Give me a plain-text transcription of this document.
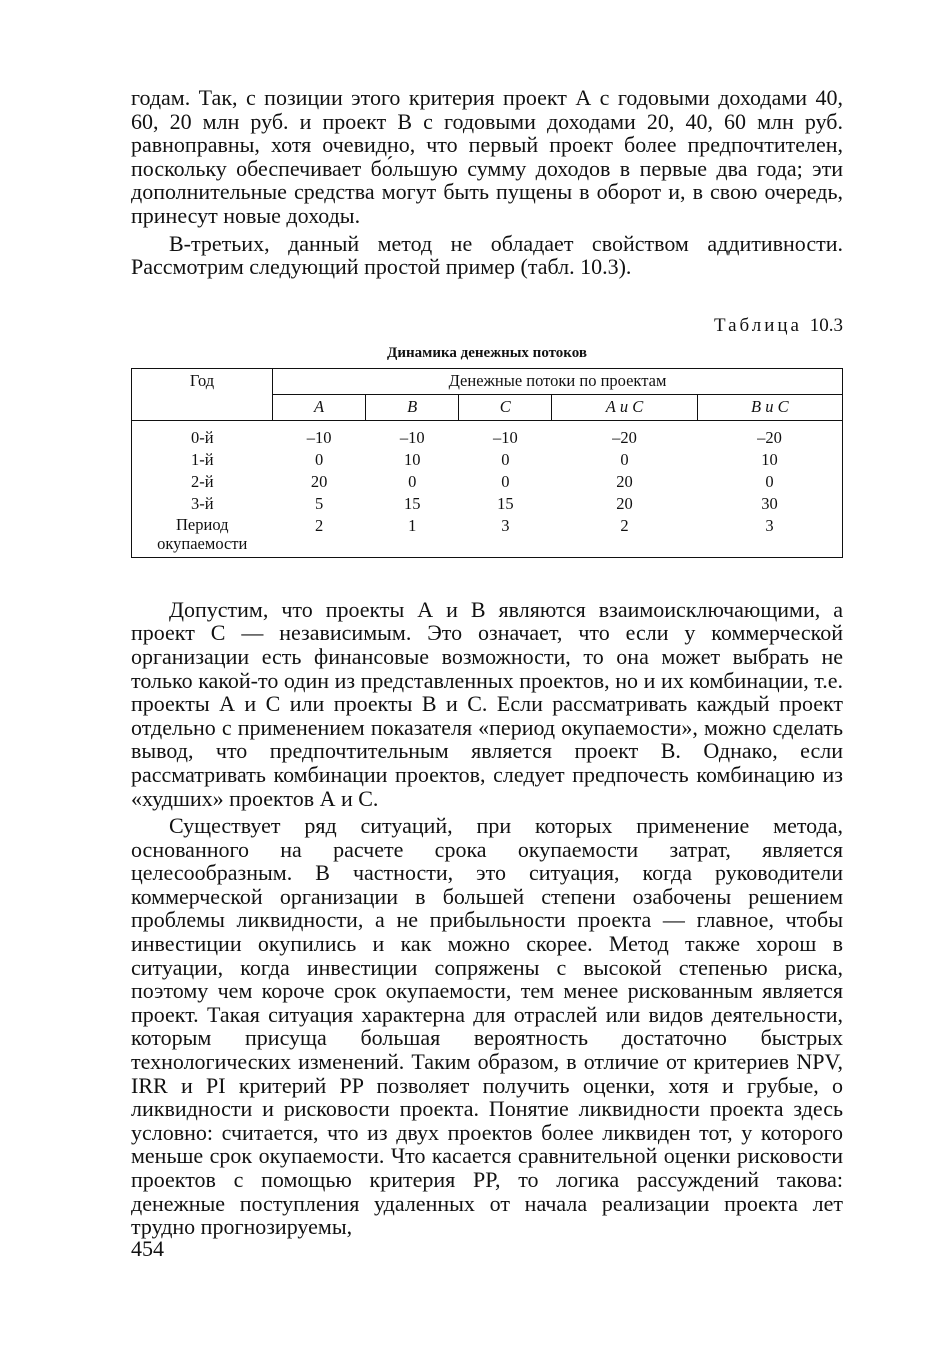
годам. Так, с позиции этого критерия проект А с годовыми доходами 40, 60, 20 млн руб. и проект В с годовыми доходами 20, 40, 60 млн руб. равноправны, хотя очевидно, что первый проект более предпочтителен, поскольку обеспечивает бо́льшую сумму доходов в первые два года; эти дополнительные средства могут быть пущены в оборот и, в свою очередь, принесут новые доходы.

В-третьих, данный метод не обладает свойством аддитивности. Рассмотрим следующий простой пример (табл. 10.3).

Таблица 10.3
Динамика денежных потоков
Год	Денежные потоки по проектам				
	А	В	С	А и С	В и С
0-й	–10	–10	–10	–20	–20
1-й	0	10	0	0	10
2-й	20	0	0	20	0
3-й	5	15	15	20	30
Период
окупаемости	2	1	3	2	3

Допустим, что проекты А и В являются взаимоисключающими, а проект С — независимым. Это означает, что если у коммерческой организации есть финансовые возможности, то она может выбрать не только какой-то один из представленных проектов, но и их комбинации, т.е. проекты А и С или проекты В и С. Если рассматривать каждый проект отдельно с применением показателя «период окупаемости», можно сделать вывод, что предпочтительным является проект В. Однако, если рассматривать комбинации проектов, следует предпочесть комбинацию из «худших» проектов А и С.

Существует ряд ситуаций, при которых применение метода, основанного на расчете срока окупаемости затрат, является целесообразным. В частности, это ситуация, когда руководители коммерческой организации в большей степени озабочены решением проблемы ликвидности, а не прибыльности проекта — главное, чтобы инвестиции окупились и как можно скорее. Метод также хорош в ситуации, когда инвестиции сопряжены с высокой степенью риска, поэтому чем короче срок окупаемости, тем менее рискованным является проект. Такая ситуация характерна для отраслей или видов деятельности, которым присуща большая вероятность достаточно быстрых технологических изменений. Таким образом, в отличие от критериев NPV, IRR и PI критерий PP позволяет получить оценки, хотя и грубые, о ликвидности и рисковости проекта. Понятие ликвидности проекта здесь условно: считается, что из двух проектов более ликвиден тот, у которого меньше срок окупаемости. Что касается сравнительной оценки рисковости проектов с помощью критерия PP, то логика рассуждений такова: денежные поступления удаленных от начала реализации проекта лет трудно прогнозируемы,

454
